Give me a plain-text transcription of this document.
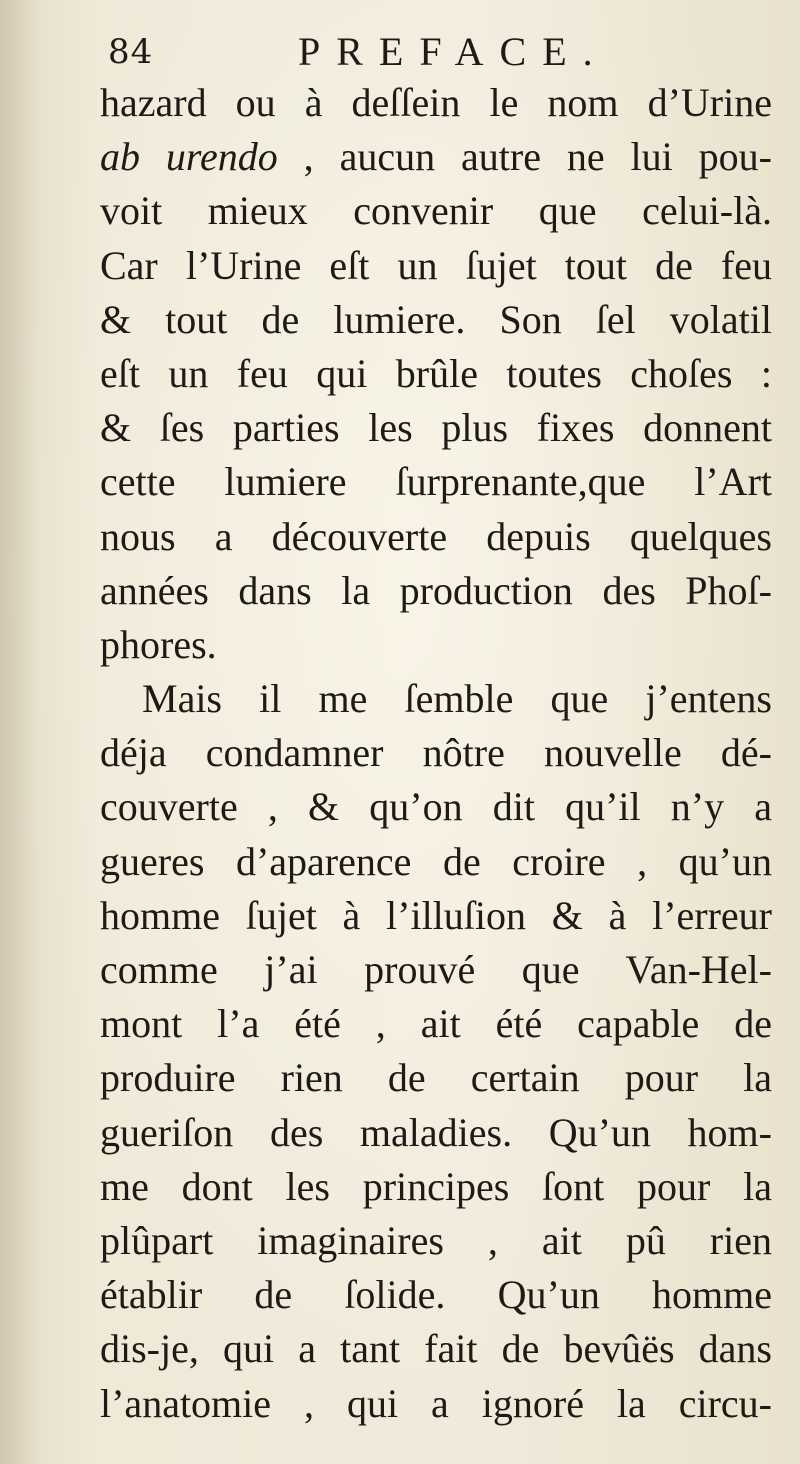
84	PREFACE.
hazard ou à deſſein le nom d’Urine
ab urendo , aucun autre ne lui pou-
voit mieux convenir que celui-là.
Car l’Urine eſt un ſujet tout de feu
& tout de lumiere. Son ſel volatil
eſt un feu qui brûle toutes choſes :
& ſes parties les plus fixes donnent
cette lumiere ſurprenante,que l’Art
nous a découverte depuis quelques
années dans la production des Phoſ-
phores.
Mais il me ſemble que j’entens
déja condamner nôtre nouvelle dé-
couverte , & qu’on dit qu’il n’y a
gueres d’aparence de croire , qu’un
homme ſujet à l’illuſion & à l’erreur
comme j’ai prouvé que Van-Hel-
mont l’a été , ait été capable de
produire rien de certain pour la
gueriſon des maladies. Qu’un hom-
me dont les principes ſont pour la
plûpart imaginaires , ait pû rien
établir de ſolide. Qu’un homme
dis-je, qui a tant fait de bevûës dans
l’anatomie , qui a ignoré la circu-
